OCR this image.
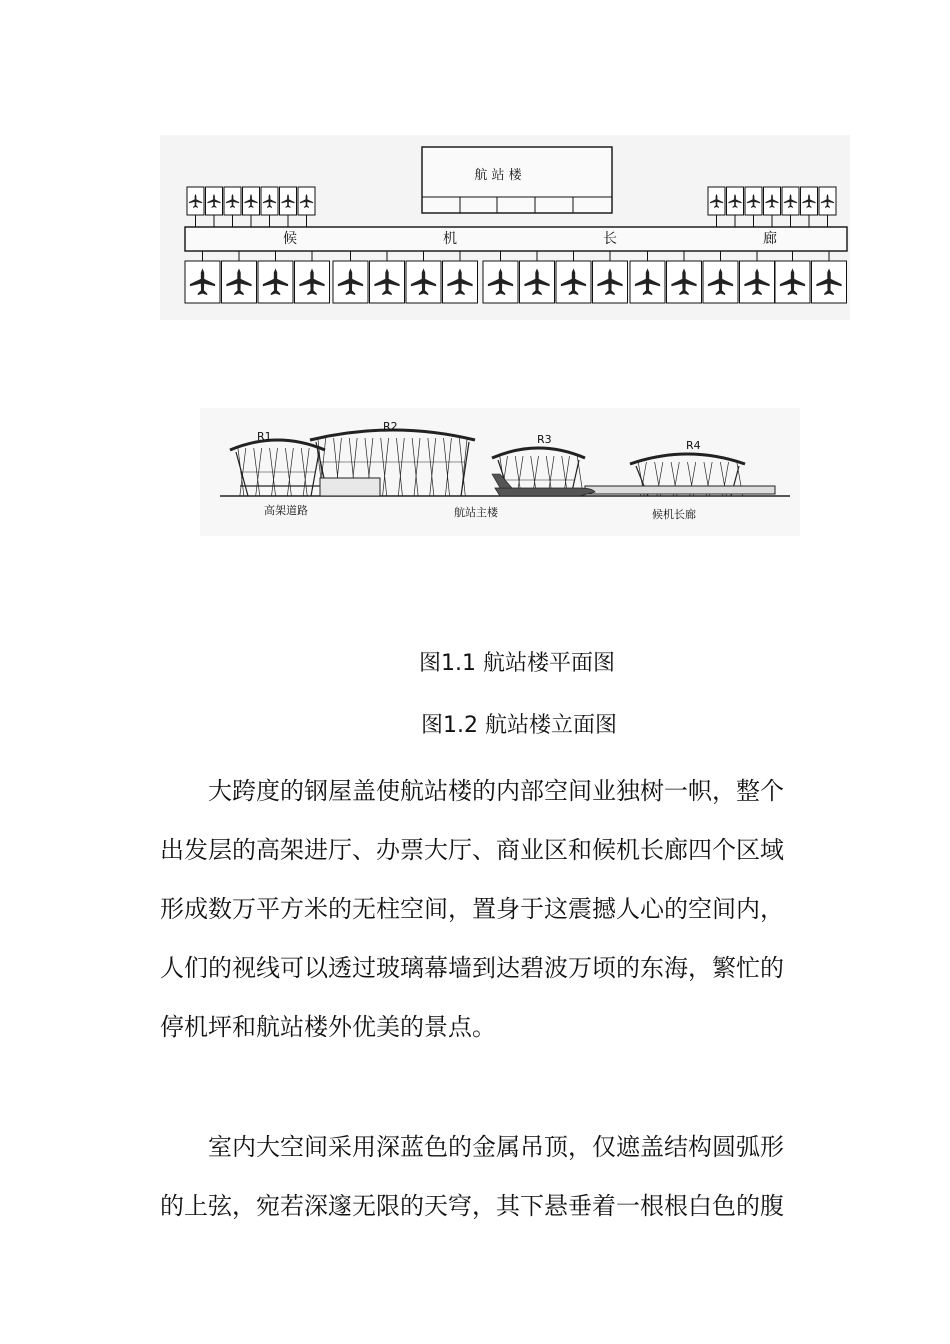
航 站 楼
候	机	长	廊
R1
R2
R3	R4
高架道路	航站主楼	候机长廊
图1.1 航站楼平面图
图1.2 航站楼立面图
大跨度的钢屋盖使航站楼的内部空间业独树一帜，整个
出发层的高架进厅、办票大厅、商业区和候机长廊四个区域
形成数万平方米的无柱空间，置身于这震撼人心的空间内，
人们的视线可以透过玻璃幕墙到达碧波万顷的东海，繁忙的
停机坪和航站楼外优美的景点。
室内大空间采用深蓝色的金属吊顶，仅遮盖结构圆弧形
的上弦，宛若深邃无限的天穹，其下悬垂着一根根白色的腹
